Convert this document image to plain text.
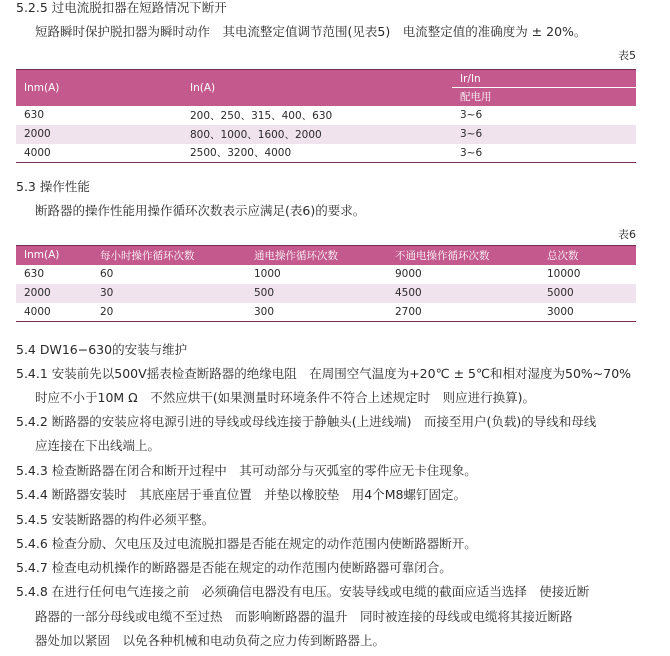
5.2.5 过电流脱扣器在短路情况下断开
短路瞬时保护脱扣器为瞬时动作　其电流整定值调节范围(见表5)　电流整定值的准确度为 ± 20%。
表5
Inm(A)	In(A)	Ir/In
		配电用
630	200、250、315、400、630	3~6
2000	800、1000、1600、2000	3~6
4000	2500、3200、4000	3~6
5.3 操作性能
断路器的操作性能用操作循环次数表示应满足(表6)的要求。
表6
Inm(A)	每小时操作循环次数	通电操作循环次数	不通电操作循环次数	总次数
630	60	1000	9000	10000
2000	30	500	4500	5000
4000	20	300	2700	3000
5.4 DW16−630的安装与维护
5.4.1 安装前先以500V摇表检查断路器的绝缘电阻　在周围空气温度为+20℃ ± 5℃和相对湿度为50%~70%
时应不小于10M Ω　不然应烘干(如果测量时环境条件不符合上述规定时　则应进行换算)。
5.4.2 断路器的安装应将电源引进的导线或母线连接于静触头(上进线端)　而接至用户(负载)的导线和母线
应连接在下出线端上。
5.4.3 检查断路器在闭合和断开过程中　其可动部分与灭弧室的零件应无卡住现象。
5.4.4 断路器安装时　其底座居于垂直位置　并垫以橡胶垫　用4个M8螺钉固定。
5.4.5 安装断路器的构件必须平整。
5.4.6 检查分励、欠电压及过电流脱扣器是否能在规定的动作范围内使断路器断开。
5.4.7 检查电动机操作的断路器是否能在规定的动作范围内使断路器可靠闭合。
5.4.8 在进行任何电气连接之前　必须确信电器没有电压。安装导线或电缆的截面应适当选择　使接近断
路器的一部分母线或电缆不至过热　而影响断路器的温升　同时被连接的母线或电缆将其接近断路
器处加以紧固　以免各种机械和电动负荷之应力传到断路器上。
